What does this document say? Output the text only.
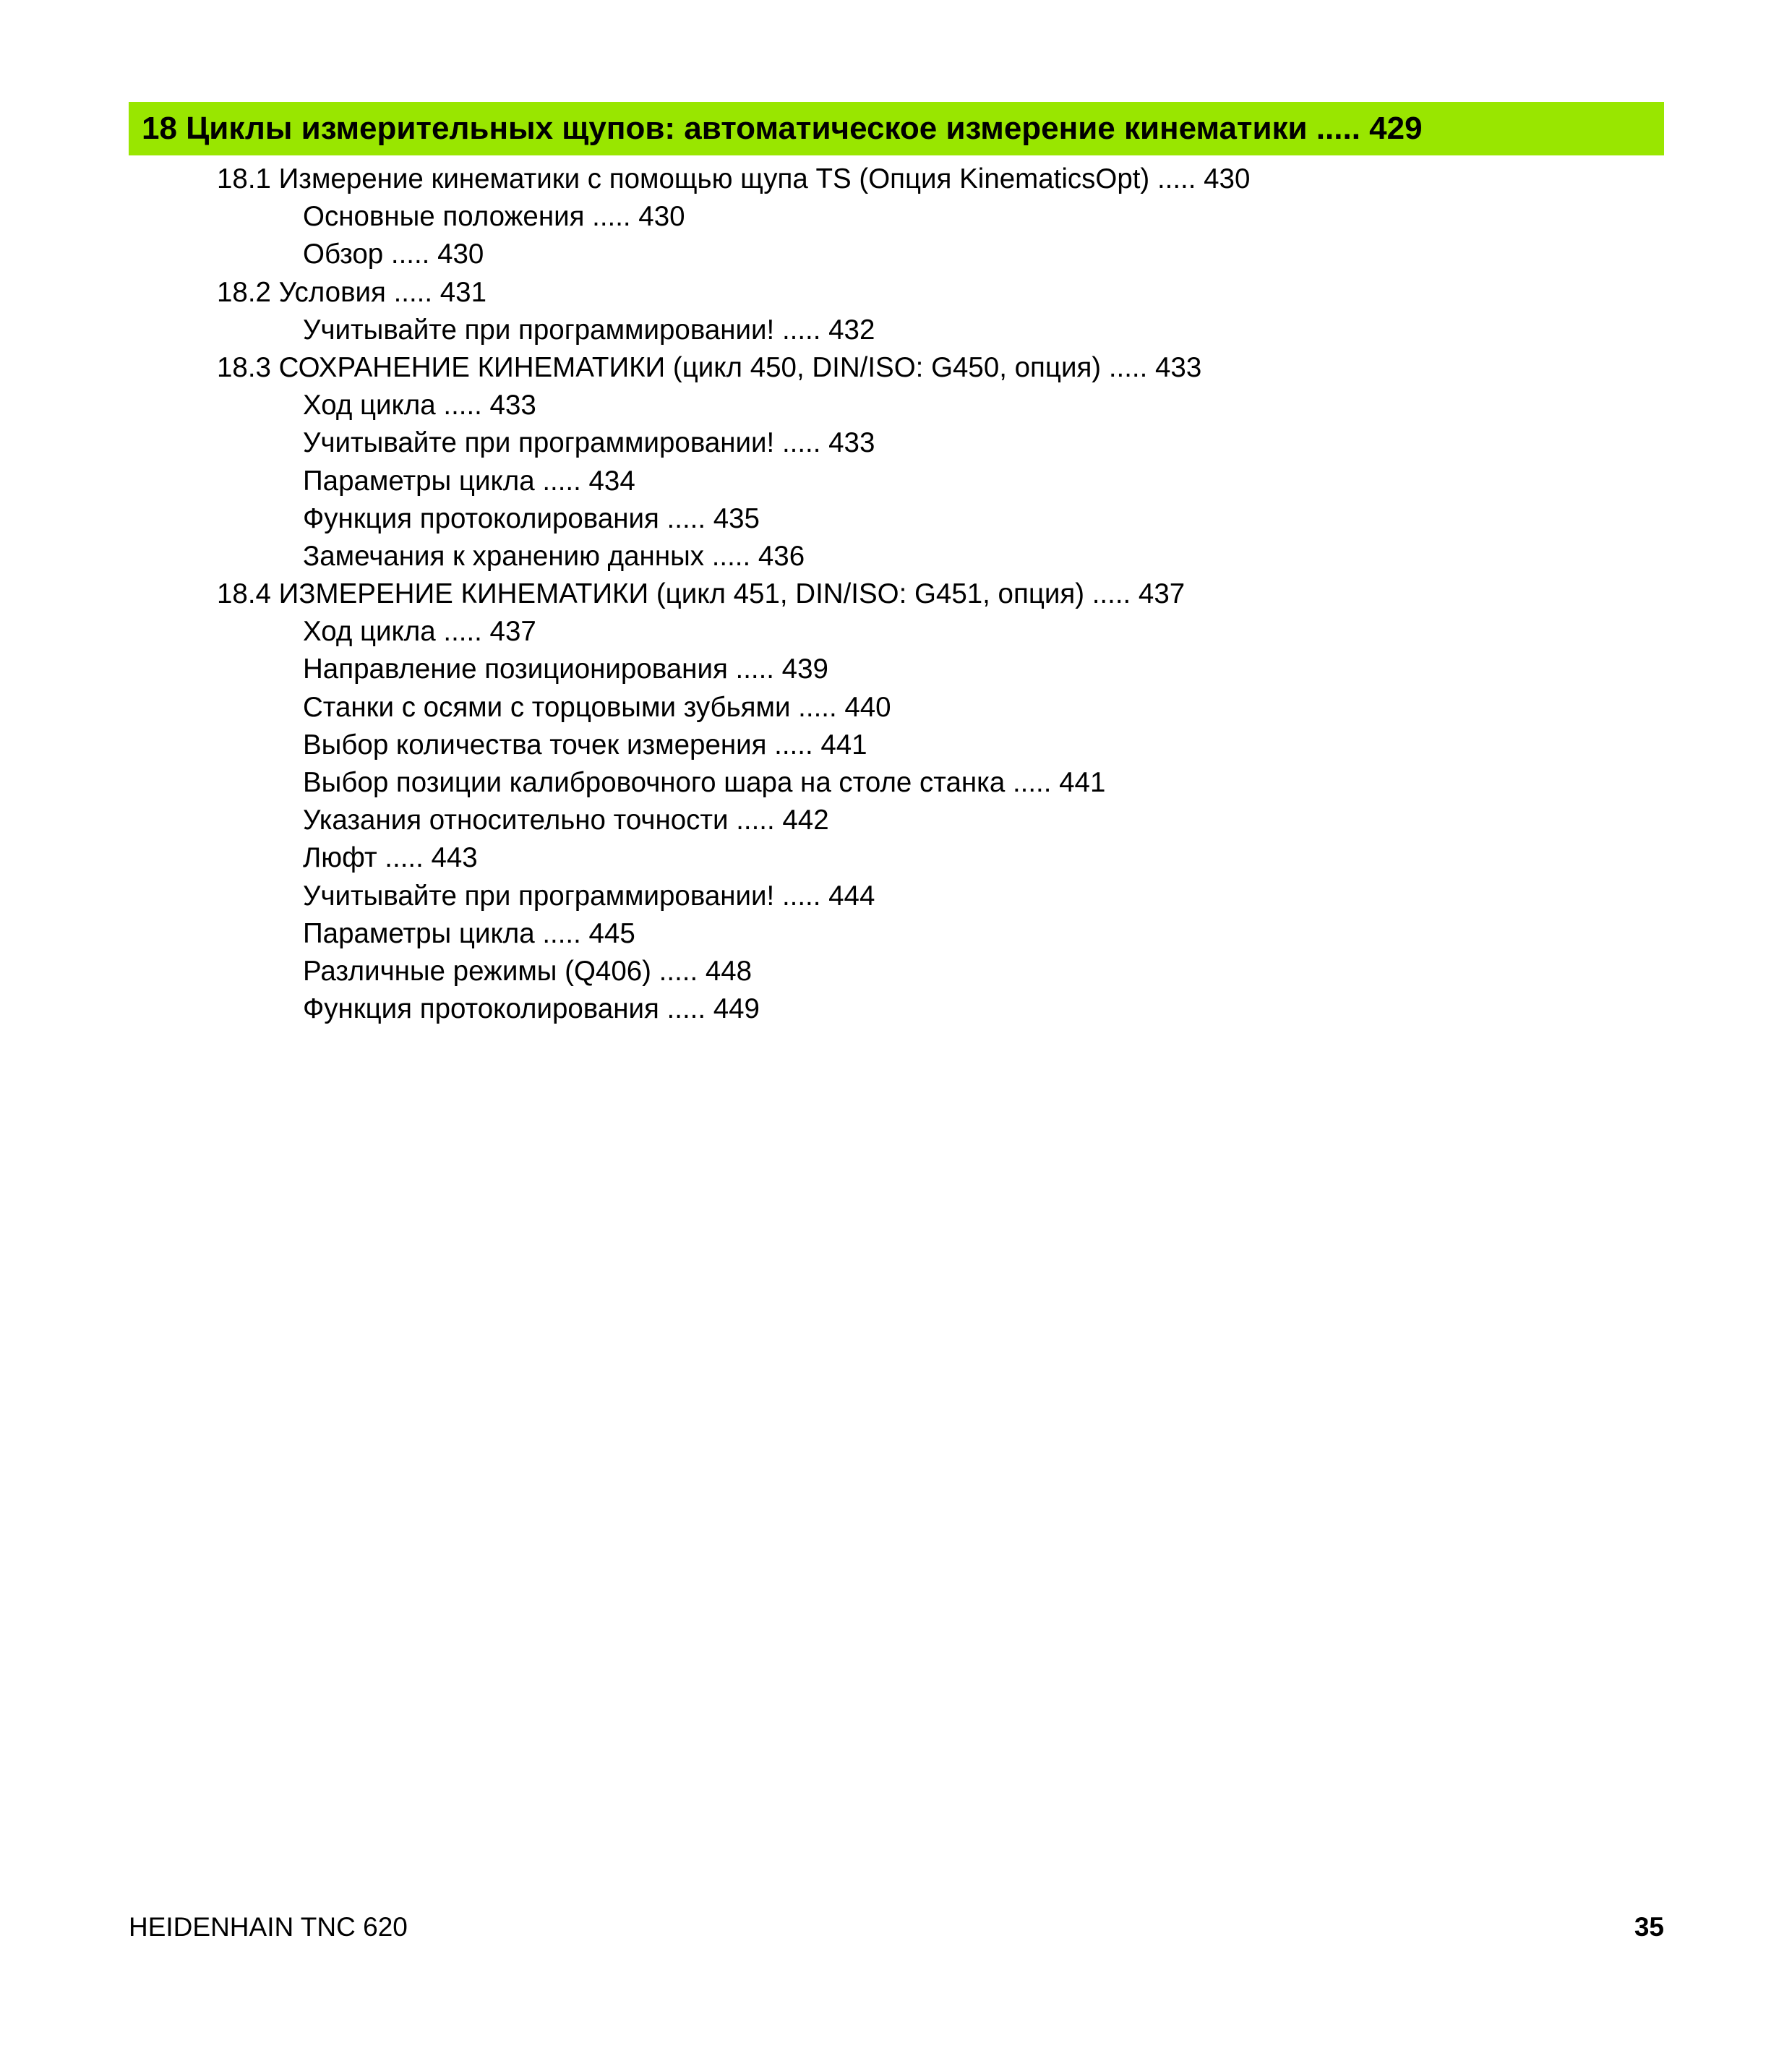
18 Циклы измерительных щупов: автоматическое измерение кинематики ..... 429
18.1 Измерение кинематики с помощью щупа TS (Опция KinematicsOpt) ..... 430
Основные положения ..... 430
Обзор ..... 430
18.2 Условия ..... 431
Учитывайте при программировании! ..... 432
18.3 СОХРАНЕНИЕ КИНЕМАТИКИ (цикл 450, DIN/ISO: G450, опция) ..... 433
Ход цикла ..... 433
Учитывайте при программировании! ..... 433
Параметры цикла ..... 434
Функция протоколирования ..... 435
Замечания к хранению данных ..... 436
18.4 ИЗМЕРЕНИЕ КИНЕМАТИКИ (цикл 451, DIN/ISO: G451, опция) ..... 437
Ход цикла ..... 437
Направление позиционирования ..... 439
Станки с осями с торцовыми зубьями ..... 440
Выбор количества точек измерения ..... 441
Выбор позиции калибровочного шара на столе станка ..... 441
Указания относительно точности ..... 442
Люфт ..... 443
Учитывайте при программировании! ..... 444
Параметры цикла ..... 445
Различные режимы (Q406) ..... 448
Функция протоколирования ..... 449
HEIDENHAIN TNC 620	35
